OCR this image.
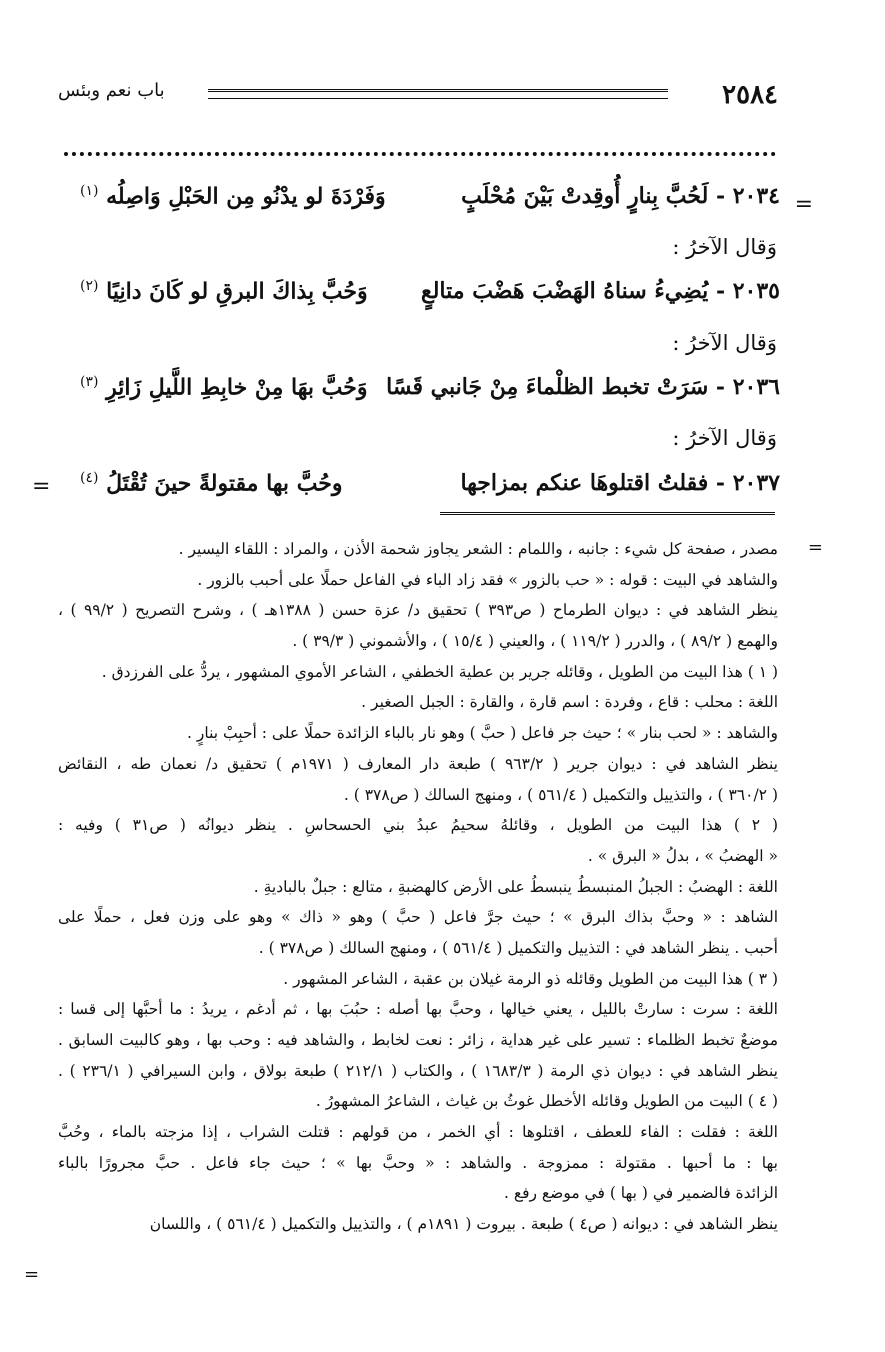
باب نعم وبئس	٢٥٨٤
=
٢٠٣٤ - لَحُبَّ بِنارٍ أُوقِدتْ بَيْنَ مُحْلَبٍ
وَفَرْدَةَ لو يدْنُو مِن الحَبْلِ وَاصِلُه $^{(١)}$
وَقال الآخرُ :
٢٠٣٥ - يُضِيءُ سناهُ الهَضْبَ هَضْبَ متالعٍ
وَحُبَّ بِذاكَ البرقِ لو كَانَ دانِيًا $^{(٢)}$
وَقال الآخرُ :
٢٠٣٦ - سَرَتْ تخبط الظلْماءَ مِنْ جَانبي قَسًا
وَحُبَّ بهَا مِنْ خابِطِ اللَّيلِ زَائِرِ $^{(٣)}$
وَقال الآخرُ :
=	٢٠٣٧ - فقلتُ اقتلوهَا عنكم بمزاجها
وحُبَّ بها مقتولةً حينَ تُقْتَلُ $^{(٤)}$
=
مصدر ، صفحة كل شيء : جانبه ، واللمام : الشعر يجاوز شحمة الأذن ، والمراد : اللقاء اليسير .
والشاهد في البيت : قوله : « حب بالزور » فقد زاد الباء في الفاعل حملًا على أحبب بالزور .
ينظر الشاهد في : ديوان الطرماح ( ص٣٩٣ ) تحقيق د/ عزة حسن ( ١٣٨٨هـ ) ، وشرح التصريح ( ٩٩/٢ ) ،
والهمع ( ٨٩/٢ ) ، والدرر ( ١١٩/٢ ) ، والعيني ( ١٥/٤ ) ، والأشموني ( ٣٩/٣ ) .
( ١ ) هذا البيت من الطويل ، وقائله جرير بن عطية الخطفي ، الشاعر الأموي المشهور ، يردُّ على الفرزدق .
اللغة : محلب : قاع ، وفردة : اسم قارة ، والقارة : الجبل الصغير .
والشاهد : « لحب بنار » ؛ حيث جر فاعل ( حبَّ ) وهو نار بالباء الزائدة حملًا على : أحبِبْ بنارٍ .
ينظر الشاهد في : ديوان جرير ( ٩٦٣/٢ ) طبعة دار المعارف ( ١٩٧١م ) تحقيق د/ نعمان طه ، النقائض
( ٣٦٠/٢ ) ، والتذييل والتكميل ( ٥٦١/٤ ) ، ومنهج السالك ( ص٣٧٨ ) .
( ٢ ) هذا البيت من الطويل ، وقائلهُ سحيمُ عبدُ بني الحسحاسِ . ينظر ديوانُه ( ص٣١ ) وفيه :
« الهضبُ » ، بدلُ « البرق » .
اللغة : الهضبُ : الجبلُ المنبسطُ ينبسطُ على الأرض كالهضبةِ ، متالع : جبلٌ بالباديةِ .
الشاهد : « وحبَّ بذاك البرق » ؛ حيث جرَّ فاعل ( حبَّ ) وهو « ذاك » وهو على وزن فعل ، حملًا على
أحبب . ينظر الشاهد في : التذييل والتكميل ( ٥٦١/٤ ) ، ومنهج السالك ( ص٣٧٨ ) .
( ٣ ) هذا البيت من الطويل وقائله ذو الرمة غيلان بن عقبة ، الشاعر المشهور .
اللغة : سرت : سارتْ بالليل ، يعني خيالها ، وحبَّ بها أصله : حبُبَ بها ، ثم أدغم ، يريدُ : ما أحبَّها إلى قسا :
موضعٌ تخبط الظلماء : تسير على غير هداية ، زائر : نعت لخابط ، والشاهد فيه : وحب بها ، وهو كالبيت السابق .
ينظر الشاهد في : ديوان ذي الرمة ( ١٦٨٣/٣ ) ، والكتاب ( ٢١٢/١ ) طبعة بولاق ، وابن السيرافي ( ٢٣٦/١ ) .
( ٤ ) البيت من الطويل وقائله الأخطل غوثُ بن غياث ، الشاعرُ المشهورُ .
اللغة : فقلت : الفاء للعطف ، اقتلوها : أي الخمر ، من قولهم : قتلت الشراب ، إذا مزجته بالماء ، وحُبَّ
بها : ما أحبها . مقتولة : ممزوجة . والشاهد : « وحبَّ بها » ؛ حيث جاء فاعل . حبَّ مجرورًا بالباء
الزائدة فالضمير في ( بها ) في موضع رفع .
ينظر الشاهد في : ديوانه ( ص٤ ) طبعة . بيروت ( ١٨٩١م ) ، والتذييل والتكميل ( ٥٦١/٤ ) ، واللسان
=
